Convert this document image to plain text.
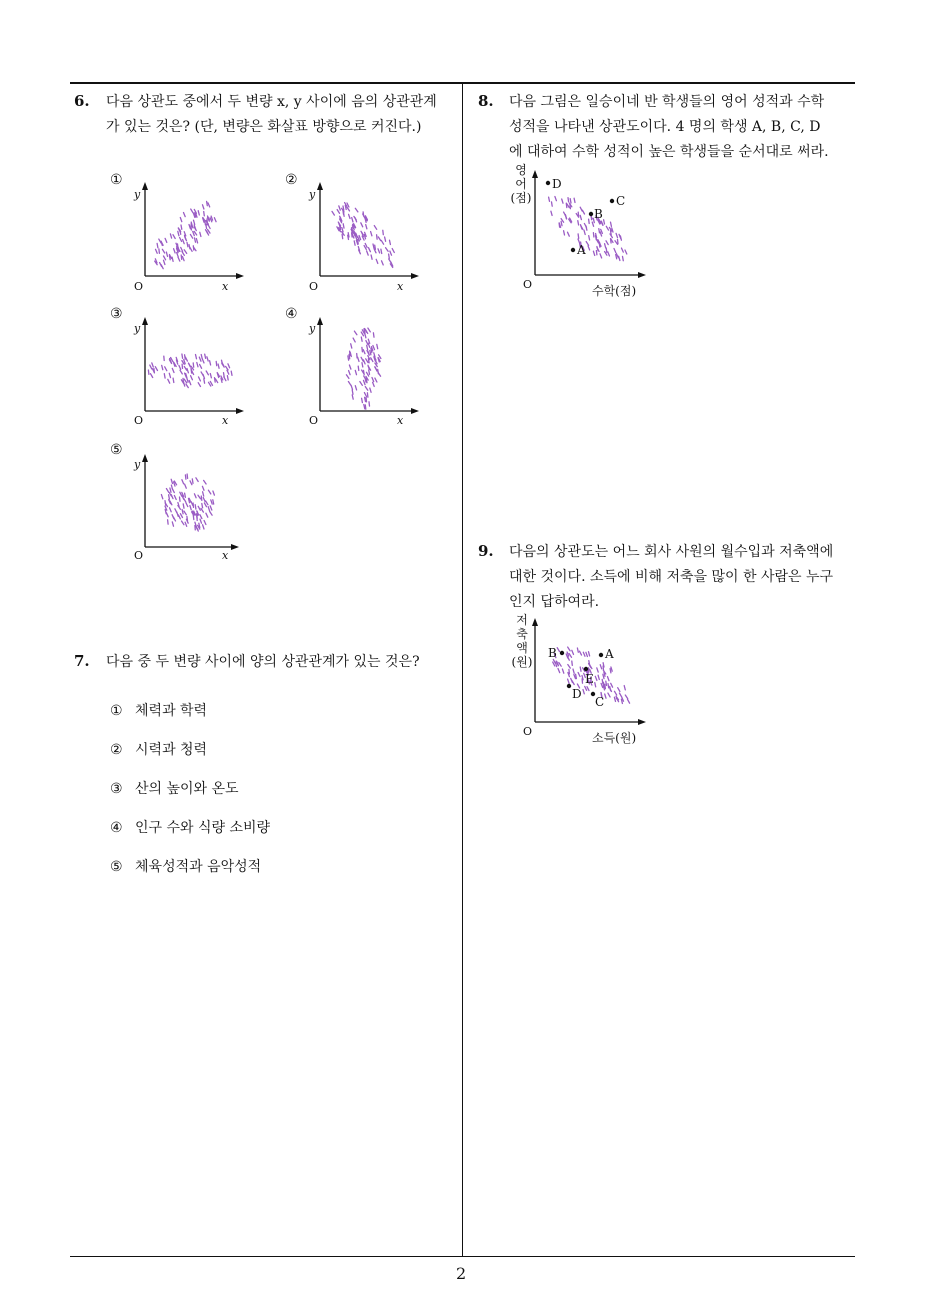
2
6. 다음 상관도 중에서 두 변량 x, y 사이에 음의 상관관계
가 있는 것은? (단, 변량은 화살표 방향으로 커진다.)
①
y
O	x
②
y
O	x
③
y
O	x
④
y
O	x
⑤
y
O	x
7. 다음 중 두 변량 사이에 양의 상관관계가 있는 것은?
① 체력과 학력
② 시력과 청력
③ 산의 높이와 온도
④ 인구 수와 식량 소비량
⑤ 체육성적과 음악성적
8. 다음 그림은 일승이네 반 학생들의 영어 성적과 수학
성적을 나타낸 상관도이다. 4 명의 학생 A, B, C, D
에 대하여 수학 성적이 높은 학생들을 순서대로 써라.
영
어
(점)
D
C
B
A
O	수학(점)
9. 다음의 상관도는 어느 회사 사원의 월수입과 저축액에
대한 것이다. 소득에 비해 저축을 많이 한 사람은 누구
인지 답하여라.
저
축
액
(원)
B	A
E
D
C
O	소득(원)
